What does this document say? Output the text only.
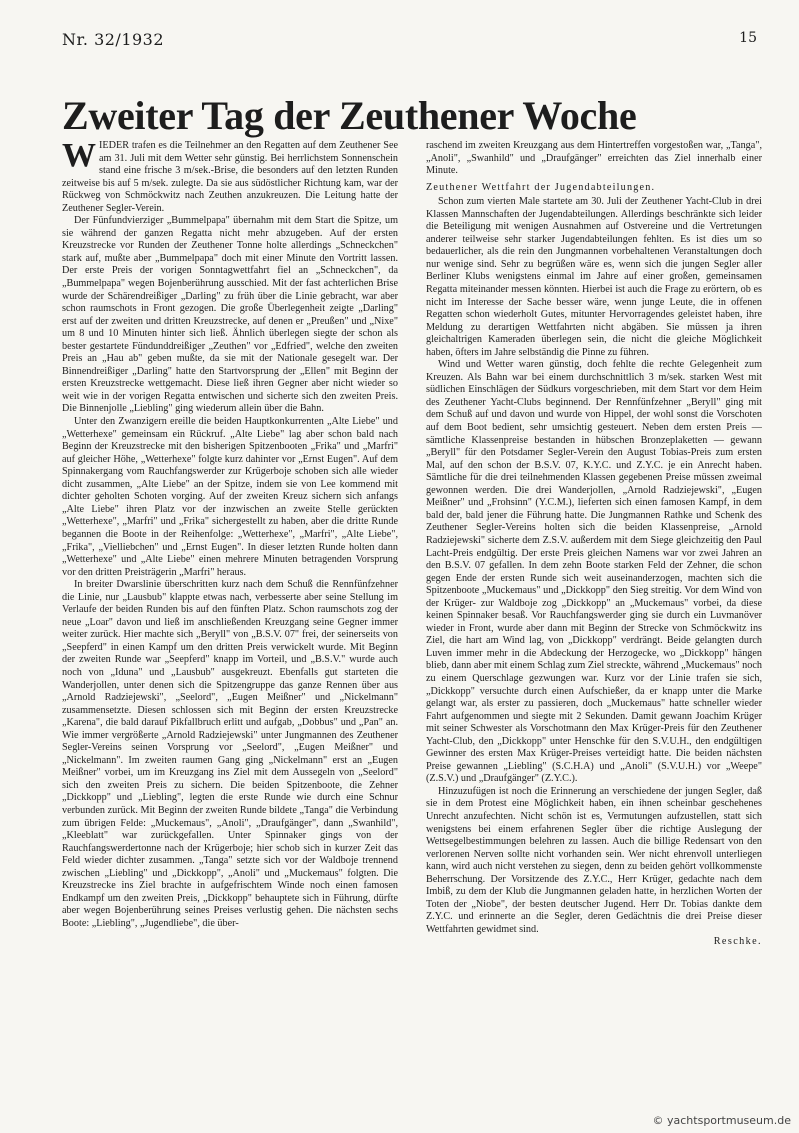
Nr. 32/1932	15
Zweiter Tag der Zeuthener Woche

WIEDER trafen es die Teilnehmer an den Regatten auf dem Zeuthener See am 31. Juli mit dem Wetter sehr günstig. Bei herrlichstem Sonnenschein stand eine frische 3 m/sek.-Brise, die besonders auf den letzten Runden zeitweise bis auf 5 m/sek. zulegte. Da sie aus südöstlicher Richtung kam, war der Rückweg von Schmöckwitz nach Zeuthen anzukreuzen. Die Leitung hatte der Zeuthener Segler-Verein.

Der Fünfundvierziger „Bummelpapa" übernahm mit dem Start die Spitze, um sie während der ganzen Regatta nicht mehr abzugeben. Auf der ersten Kreuzstrecke vor Runden der Zeuthener Tonne holte allerdings „Schneckchen" stark auf, mußte aber „Bummelpapa" doch mit einer Minute den Vortritt lassen. Der erste Preis der vorigen Sonntagwettfahrt fiel an „Schneckchen", da „Bummelpapa" wegen Bojenberührung ausschied. Mit der fast achterlichen Brise wurde der Schärendreißiger „Darling" zu früh über die Linie gebracht, war aber schon raumschots in Front gezogen. Die große Überlegenheit zeigte „Darling" erst auf der zweiten und dritten Kreuzstrecke, auf denen er „Preußen" und „Nixe" um 8 und 10 Minuten hinter sich ließ. Ähnlich überlegen siegte der schon als bester gestartete Fündunddreißiger „Zeuthen" vor „Edfried", welche den zweiten Preis an „Hau ab" geben mußte, da sie mit der Nationale gesegelt war. Der Binnendreißiger „Darling" hatte den Startvorsprung der „Ellen" mit Beginn der ersten Kreuzstrecke wettgemacht. Diese ließ ihren Gegner aber nicht wieder so weit wie in der vorigen Regatta entwischen und sicherte sich den zweiten Preis. Die Binnenjolle „Liebling" ging wiederum allein über die Bahn.

Unter den Zwanzigern ereille die beiden Hauptkonkurrenten „Alte Liebe" und „Wetterhexe" gemeinsam ein Rückruf. „Alte Liebe" lag aber schon bald nach Beginn der Kreuzstrecke mit den bisherigen Spitzenbooten „Frika" und „Marfri" auf gleicher Höhe, „Wetterhexe" folgte kurz dahinter vor „Ernst Eugen". Auf dem Spinnakergang vom Rauchfangswerder zur Krügerboje schoben sich alle wieder dicht zusammen, „Alte Liebe" an der Spitze, indem sie von Lee kommend mit dichter geholten Schoten vorging. Auf der zweiten Kreuz sichern sich anfangs „Alte Liebe" ihren Platz vor der inzwischen an zweite Stelle gerückten „Wetterhexe", „Marfri" und „Frika" sichergestellt zu haben, aber die dritte Runde begannen die Boote in der Reihenfolge: „Wetterhexe", „Marfri", „Alte Liebe", „Frika", „Vielliebchen" und „Ernst Eugen". In dieser letzten Runde holten dann „Wetterhexe" und „Alte Liebe" einen mehrere Minuten betragenden Vorsprung vor den dritten Preisträgerin „Marfri" heraus.

In breiter Dwarslinie überschritten kurz nach dem Schuß die Rennfünfzehner die Linie, nur „Lausbub" klappte etwas nach, verbesserte aber seine Stellung im Verlaufe der beiden Runden bis auf den fünften Platz. Schon raumschots zog der neue „Loar" davon und ließ im anschließenden Kreuzgang seine Gegner immer weiter zurück. Hier machte sich „Beryll" von „B.S.V. 07" frei, der seinerseits von „Seepferd" in einen Kampf um den dritten Preis verwickelt wurde. Mit Beginn der zweiten Runde war „Seepferd" knapp im Vorteil, und „B.S.V." wurde auch noch von „Iduna" und „Lausbub" ausgekreuzt. Ebenfalls gut starteten die Wanderjollen, unter denen sich die Spitzengruppe das ganze Rennen über aus „Arnold Radziejewski", „Seelord", „Eugen Meißner" und „Nickelmann" zusammensetzte. Diesen schlossen sich mit Beginn der ersten Kreuzstrecke „Karena", die bald darauf Pikfallbruch erlitt und aufgab, „Dobbus" und „Pan" an. Wie immer vergrößerte „Arnold Radziejewski" unter Jungmannen des Zeuthener Segler-Vereins seinen Vorsprung vor „Seelord", „Eugen Meißner" und „Nickelmann". Im zweiten raumen Gang ging „Nickelmann" erst an „Eugen Meißner" vorbei, um im Kreuzgang ins Ziel mit dem Aussegeln von „Seelord" sich den zweiten Preis zu sichern. Die beiden Spitzenboote, die Zehner „Dickkopp" und „Liebling", legten die erste Runde wie durch eine Schnur verbunden zurück. Mit Beginn der zweiten Runde bildete „Tanga" die Verbindung zum übrigen Felde: „Muckemaus", „Anoli", „Draufgänger", dann „Swanhild", „Kleeblatt" war zurückgefallen. Unter Spinnaker gings von der Rauchfangswerdertonne nach der Krügerboje; hier schob sich in kurzer Zeit das Feld wieder dichter zusammen. „Tanga" setzte sich vor der Waldboje trennend zwischen „Liebling" und „Dickkopp", „Anoli" und „Muckemaus" folgten. Die Kreuzstrecke ins Ziel brachte in aufgefrischtem Winde noch einen famosen Endkampf um den zweiten Preis, „Dickkopp" behauptete sich in Führung, dürfte aber wegen Bojenberührung seines Preises verlustig gehen. Die nächsten sechs Boote: „Liebling", „Jugendliebe", die über-

raschend im zweiten Kreuzgang aus dem Hintertreffen vorgestoßen war, „Tanga", „Anoli", „Swanhild" und „Draufgänger" erreichten das Ziel innerhalb einer Minute.

Zeuthener Wettfahrt der Jugendabteilungen.

Schon zum vierten Male startete am 30. Juli der Zeuthener Yacht-Club in drei Klassen Mannschaften der Jugendabteilungen. Allerdings beschränkte sich leider die Beteiligung mit wenigen Ausnahmen auf Ostvereine und die Vertretungen anderer teilweise sehr starker Jugendabteilungen fehlten. Es ist dies um so bedauerlicher, als die rein den Jungmannen vorbehaltenen Veranstaltungen doch nur wenige sind. Sehr zu begrüßen wäre es, wenn sich die jungen Segler aller Berliner Klubs wenigstens einmal im Jahre auf einer großen, gemeinsamen Regatta miteinander messen könnten. Hierbei ist auch die Frage zu erörtern, ob es nicht im Interesse der Sache besser wäre, wenn junge Leute, die in offenen Regatten schon wiederholt Gutes, mitunter Hervorragendes geleistet haben, ihre Meldung zu derartigen Wettfahrten nicht abgäben. Sie müssen ja ihren gleichaltrigen Kameraden überlegen sein, die nicht die gleiche Möglichkeit haben, öfters im Jahre selbständig die Pinne zu führen.

Wind und Wetter waren günstig, doch fehlte die rechte Gelegenheit zum Kreuzen. Als Bahn war bei einem durchschnittlich 3 m/sek. starken West mit südlichen Einschlägen der Südkurs vorgeschrieben, mit dem Start vor dem Heim des Zeuthener Yacht-Clubs beginnend. Der Rennfünfzehner „Beryll" ging mit dem Schuß auf und davon und wurde von Hippel, der wohl sonst die Vorschoten auf dem Boot bedient, sehr umsichtig gesteuert. Neben dem ersten Preis — sämtliche Klassenpreise bestanden in hübschen Bronzeplaketten — gewann „Beryll" für den Potsdamer Segler-Verein den August Tobias-Preis zum ersten Mal, auf den schon der B.S.V. 07, K.Y.C. und Z.Y.C. je ein Anrecht haben. Sämtliche für die drei teilnehmenden Klassen gegebenen Preise müssen zweimal gewonnen werden. Die drei Wanderjollen, „Arnold Radziejewski", „Eugen Meißner" und „Frohsinn" (Y.C.M.), lieferten sich einen famosen Kampf, in dem bald der, bald jener die Führung hatte. Die Jungmannen Rathke und Schenk des Zeuthener Segler-Vereins holten sich die beiden Klassenpreise, „Arnold Radziejewski" sicherte dem Z.S.V. außerdem mit dem Siege gleichzeitig den Paul Lacht-Preis endgültig. Der erste Preis gleichen Namens war vor zwei Jahren an den B.S.V. 07 gefallen. In dem zehn Boote starken Feld der Zehner, die schon gegen Ende der ersten Runde sich weit auseinanderzogen, machten sich die Spitzenboote „Muckemaus" und „Dickkopp" den Sieg streitig. Vor dem Wind von der Krüger- zur Waldboje zog „Dickkopp" an „Muckemaus" vorbei, da diese keinen Spinnaker besaß. Vor Rauchfangswerder ging sie durch ein Luvmanöver wieder in Front, wurde aber dann mit Beginn der Strecke von Schmöckwitz ins Ziel, die hart am Wind lag, von „Dickkopp" verdrängt. Beide gelangten durch Luven immer mehr in die Abdeckung der Herzogecke, wo „Dickkopp" hängen blieb, dann aber mit einem Schlag zum Ziel streckte, während „Muckemaus" noch zu einem Querschlage gezwungen war. Kurz vor der Linie trafen sie sich, „Dickkopp" versuchte durch einen Aufschießer, da er knapp unter die Marke gelangt war, als erster zu passieren, doch „Muckemaus" hatte schneller wieder Fahrt aufgenommen und siegte mit 2 Sekunden. Damit gewann Joachim Krüger mit seiner Schwester als Vorschotmann den Max Krüger-Preis für den Zeuthener Yacht-Club, den „Dickkopp" unter Henschke für den S.V.U.H., den endgültigen Gewinner des ersten Max Krüger-Preises verteidigt hatte. Die beiden nächsten Preise gewannen „Liebling" (S.C.H.A) und „Anoli" (S.V.U.H.) vor „Weepe" (Z.S.V.) und „Draufgänger" (Z.Y.C.).

Hinzuzufügen ist noch die Erinnerung an verschiedene der jungen Segler, daß sie in dem Protest eine Möglichkeit haben, ein ihnen scheinbar geschehenes Unrecht anzufechten. Nicht schön ist es, Vermutungen aufzustellen, statt sich wenigstens bei einem erfahrenen Segler über die richtige Auslegung der Wettsegelbestimmungen belehren zu lassen. Auch die billige Redensart von den verlorenen Nerven sollte nicht vorhanden sein. Wer nicht ehrenvoll unterliegen kann, wird auch nicht verstehen zu siegen, denn zu beiden gehört vollkommenste Beherrschung. Der Vorsitzende des Z.Y.C., Herr Krüger, gedachte nach dem Imbiß, zu dem der Klub die Jungmannen geladen hatte, in herzlichen Worten der Toten der „Niobe", der besten deutscher Jugend. Herr Dr. Tobias dankte dem Z.Y.C. und erinnerte an die Segler, deren Gedächtnis die drei Preise dieser Wettfahrten gewidmet sind.

Reschke.

© yachtsportmuseum.de
